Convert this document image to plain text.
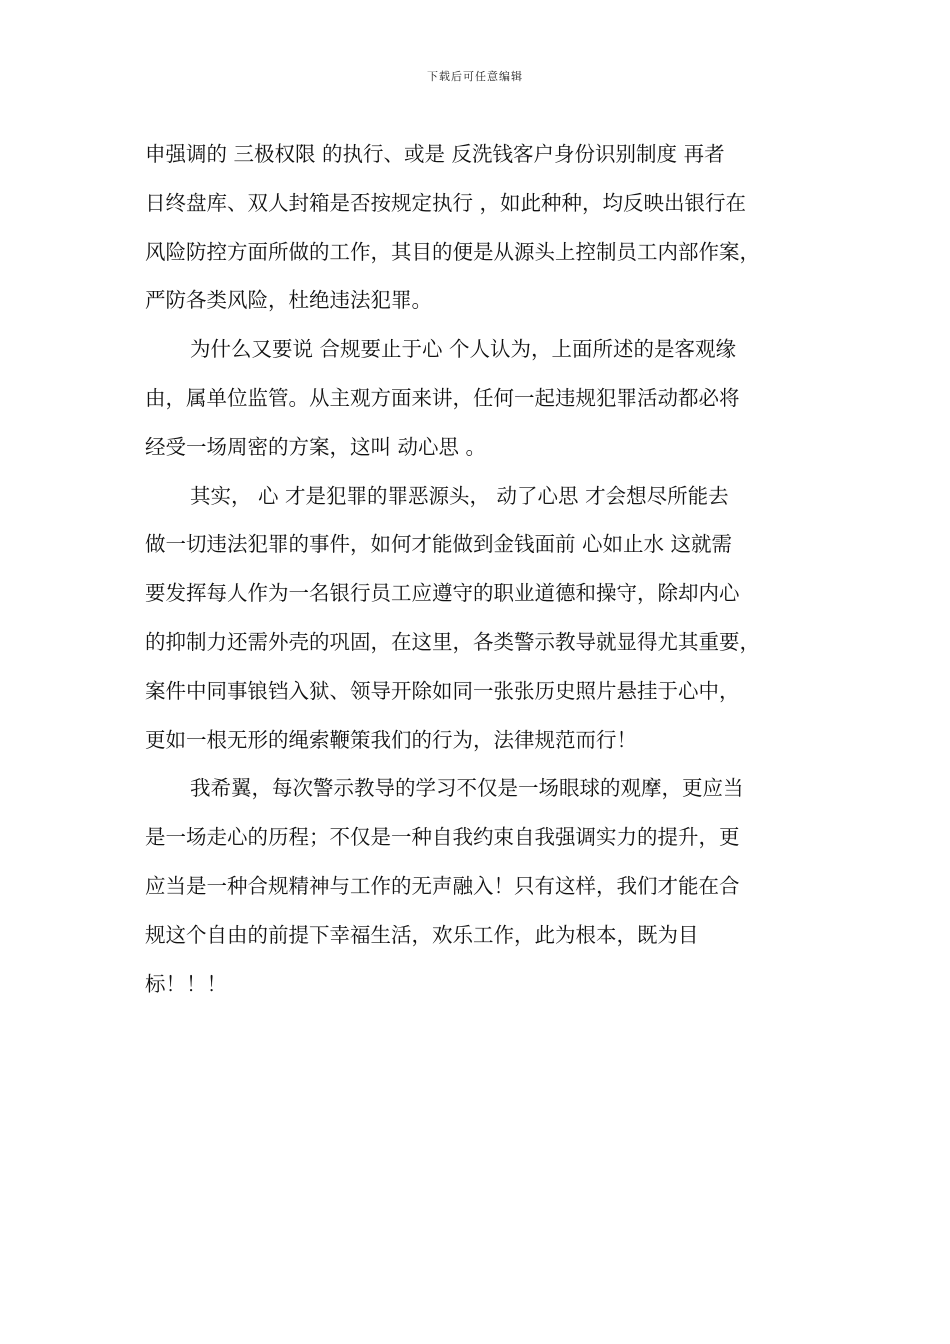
下载后可任意编辑
申强调的 三极权限 的执行、或是 反洗钱客户身份识别制度 再者
日终盘库、双人封箱是否按规定执行 ，如此种种，均反映出银行在
风险防控方面所做的工作，其目的便是从源头上控制员工内部作案，
严防各类风险，杜绝违法犯罪。
为什么又要说 合规要止于心 个人认为，上面所述的是客观缘
由，属单位监管。从主观方面来讲，任何一起违规犯罪活动都必将
经受一场周密的方案，这叫 动心思 。
其实， 心 才是犯罪的罪恶源头， 动了心思 才会想尽所能去
做一切违法犯罪的事件，如何才能做到金钱面前 心如止水 这就需
要发挥每人作为一名银行员工应遵守的职业道德和操守，除却内心
的抑制力还需外壳的巩固，在这里，各类警示教导就显得尤其重要，
案件中同事锒铛入狱、领导开除如同一张张历史照片悬挂于心中，
更如一根无形的绳索鞭策我们的行为，法律规范而行！
我希翼，每次警示教导的学习不仅是一场眼球的观摩，更应当
是一场走心的历程；不仅是一种自我约束自我强调实力的提升，更
应当是一种合规精神与工作的无声融入！只有这样，我们才能在合
规这个自由的前提下幸福生活，欢乐工作，此为根本，既为目
标！！！
